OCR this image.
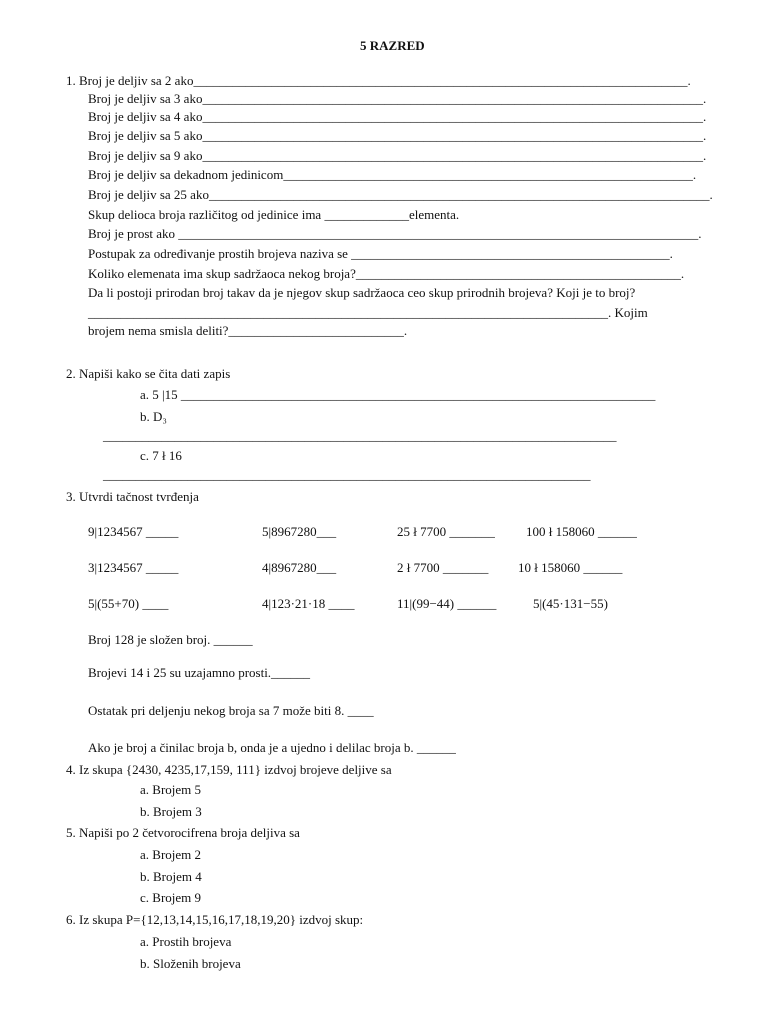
5 RAZRED
1. Broj je deljiv sa 2 ako____________________________________________________________________________.
Broj je deljiv sa 3 ako_____________________________________________________________________________.
Broj je deljiv sa 4 ako_____________________________________________________________________________.
Broj je deljiv sa 5 ako_____________________________________________________________________________.
Broj je deljiv sa 9 ako_____________________________________________________________________________.
Broj je deljiv sa dekadnom jedinicom_______________________________________________________________.
Broj je deljiv sa 25 ako_____________________________________________________________________________.
Skup delioca broja različitog od jedinice ima _____________elementa.
Broj je prost ako ________________________________________________________________________________.
Postupak za određivanje prostih brojeva naziva se _________________________________________________.
Koliko elemenata ima skup sadržaoca nekog broja?__________________________________________________.
Da li postoji prirodan broj takav da je njegov skup sadržaoca ceo skup prirodnih brojeva? Koji je to broj?
________________________________________________________________________________. Kojim
brojem nema smisla deliti?___________________________.
2. Napiši kako se čita dati zapis
a. 5 |15 _________________________________________________________________________
b. D₃
_______________________________________________________________________________
c. 7 ł 16
___________________________________________________________________________
3. Utvrdi tačnost tvrđenja
9|1234567 _____	5|8967280___	25 ł 7700 _______ 100 ł 158060 ______
3|1234567 _____	4|8967280___	2 ł 7700 _______ 10 ł 158060 ______
5|(55+70) ____	4|123·21·18 ____	11|(99−44) ______	5|(45·131−55)
Broj 128 je složen broj. ______
Brojevi 14 i 25 su uzajamno prosti.______
Ostatak pri deljenju nekog broja sa 7 može biti 8. ____
Ako je broj a činilac broja b, onda je a ujedno i delilac broja b. ______
4. Iz skupa {2430, 4235,17,159, 111} izdvoj brojeve deljive sa
a. Brojem 5
b. Brojem 3
5. Napiši po 2 četvorocifrena broja deljiva sa
a. Brojem 2
b. Brojem 4
c. Brojem 9
6. Iz skupa P={12,13,14,15,16,17,18,19,20} izdvoj skup:
a. Prostih brojeva
b. Složenih brojeva
